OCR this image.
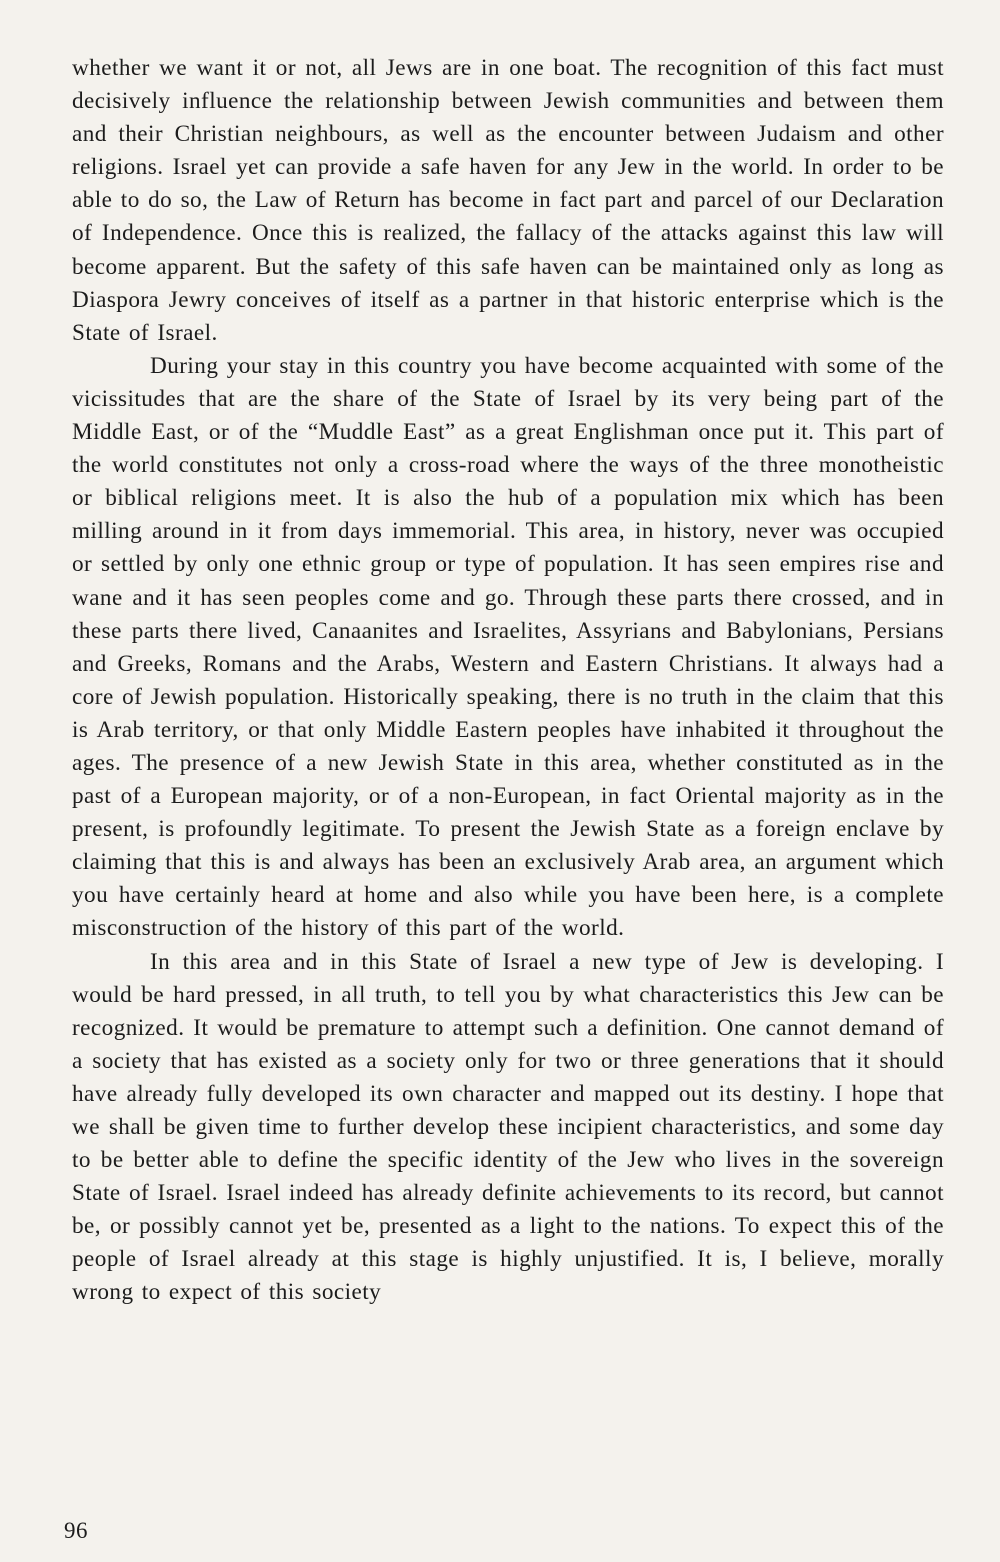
whether we want it or not, all Jews are in one boat. The recognition of this fact must decisively influence the relationship between Jewish communities and between them and their Christian neighbours, as well as the encounter between Judaism and other religions. Israel yet can provide a safe haven for any Jew in the world. In order to be able to do so, the Law of Return has become in fact part and parcel of our Declaration of Independence. Once this is realized, the fallacy of the attacks against this law will become apparent. But the safety of this safe haven can be maintained only as long as Diaspora Jewry conceives of itself as a partner in that historic enterprise which is the State of Israel.

During your stay in this country you have become acquainted with some of the vicissitudes that are the share of the State of Israel by its very being part of the Middle East, or of the “Muddle East” as a great Englishman once put it. This part of the world constitutes not only a cross-road where the ways of the three monotheistic or biblical religions meet. It is also the hub of a population mix which has been milling around in it from days immemorial. This area, in history, never was occupied or settled by only one ethnic group or type of population. It has seen empires rise and wane and it has seen peoples come and go. Through these parts there crossed, and in these parts there lived, Canaanites and Israelites, Assyrians and Babylonians, Persians and Greeks, Romans and the Arabs, Western and Eastern Christians. It always had a core of Jewish population. Historically speaking, there is no truth in the claim that this is Arab territory, or that only Middle Eastern peoples have inhabited it throughout the ages. The presence of a new Jewish State in this area, whether constituted as in the past of a European majority, or of a non-European, in fact Oriental majority as in the present, is profoundly legitimate. To present the Jewish State as a foreign enclave by claiming that this is and always has been an exclusively Arab area, an argument which you have certainly heard at home and also while you have been here, is a complete misconstruction of the history of this part of the world.

In this area and in this State of Israel a new type of Jew is developing. I would be hard pressed, in all truth, to tell you by what characteristics this Jew can be recognized. It would be premature to attempt such a definition. One cannot demand of a society that has existed as a society only for two or three generations that it should have already fully developed its own character and mapped out its destiny. I hope that we shall be given time to further develop these incipient characteristics, and some day to be better able to define the specific identity of the Jew who lives in the sovereign State of Israel. Israel indeed has already definite achievements to its record, but cannot be, or possibly cannot yet be, presented as a light to the nations. To expect this of the people of Israel already at this stage is highly unjustified. It is, I believe, morally wrong to expect of this society

96
